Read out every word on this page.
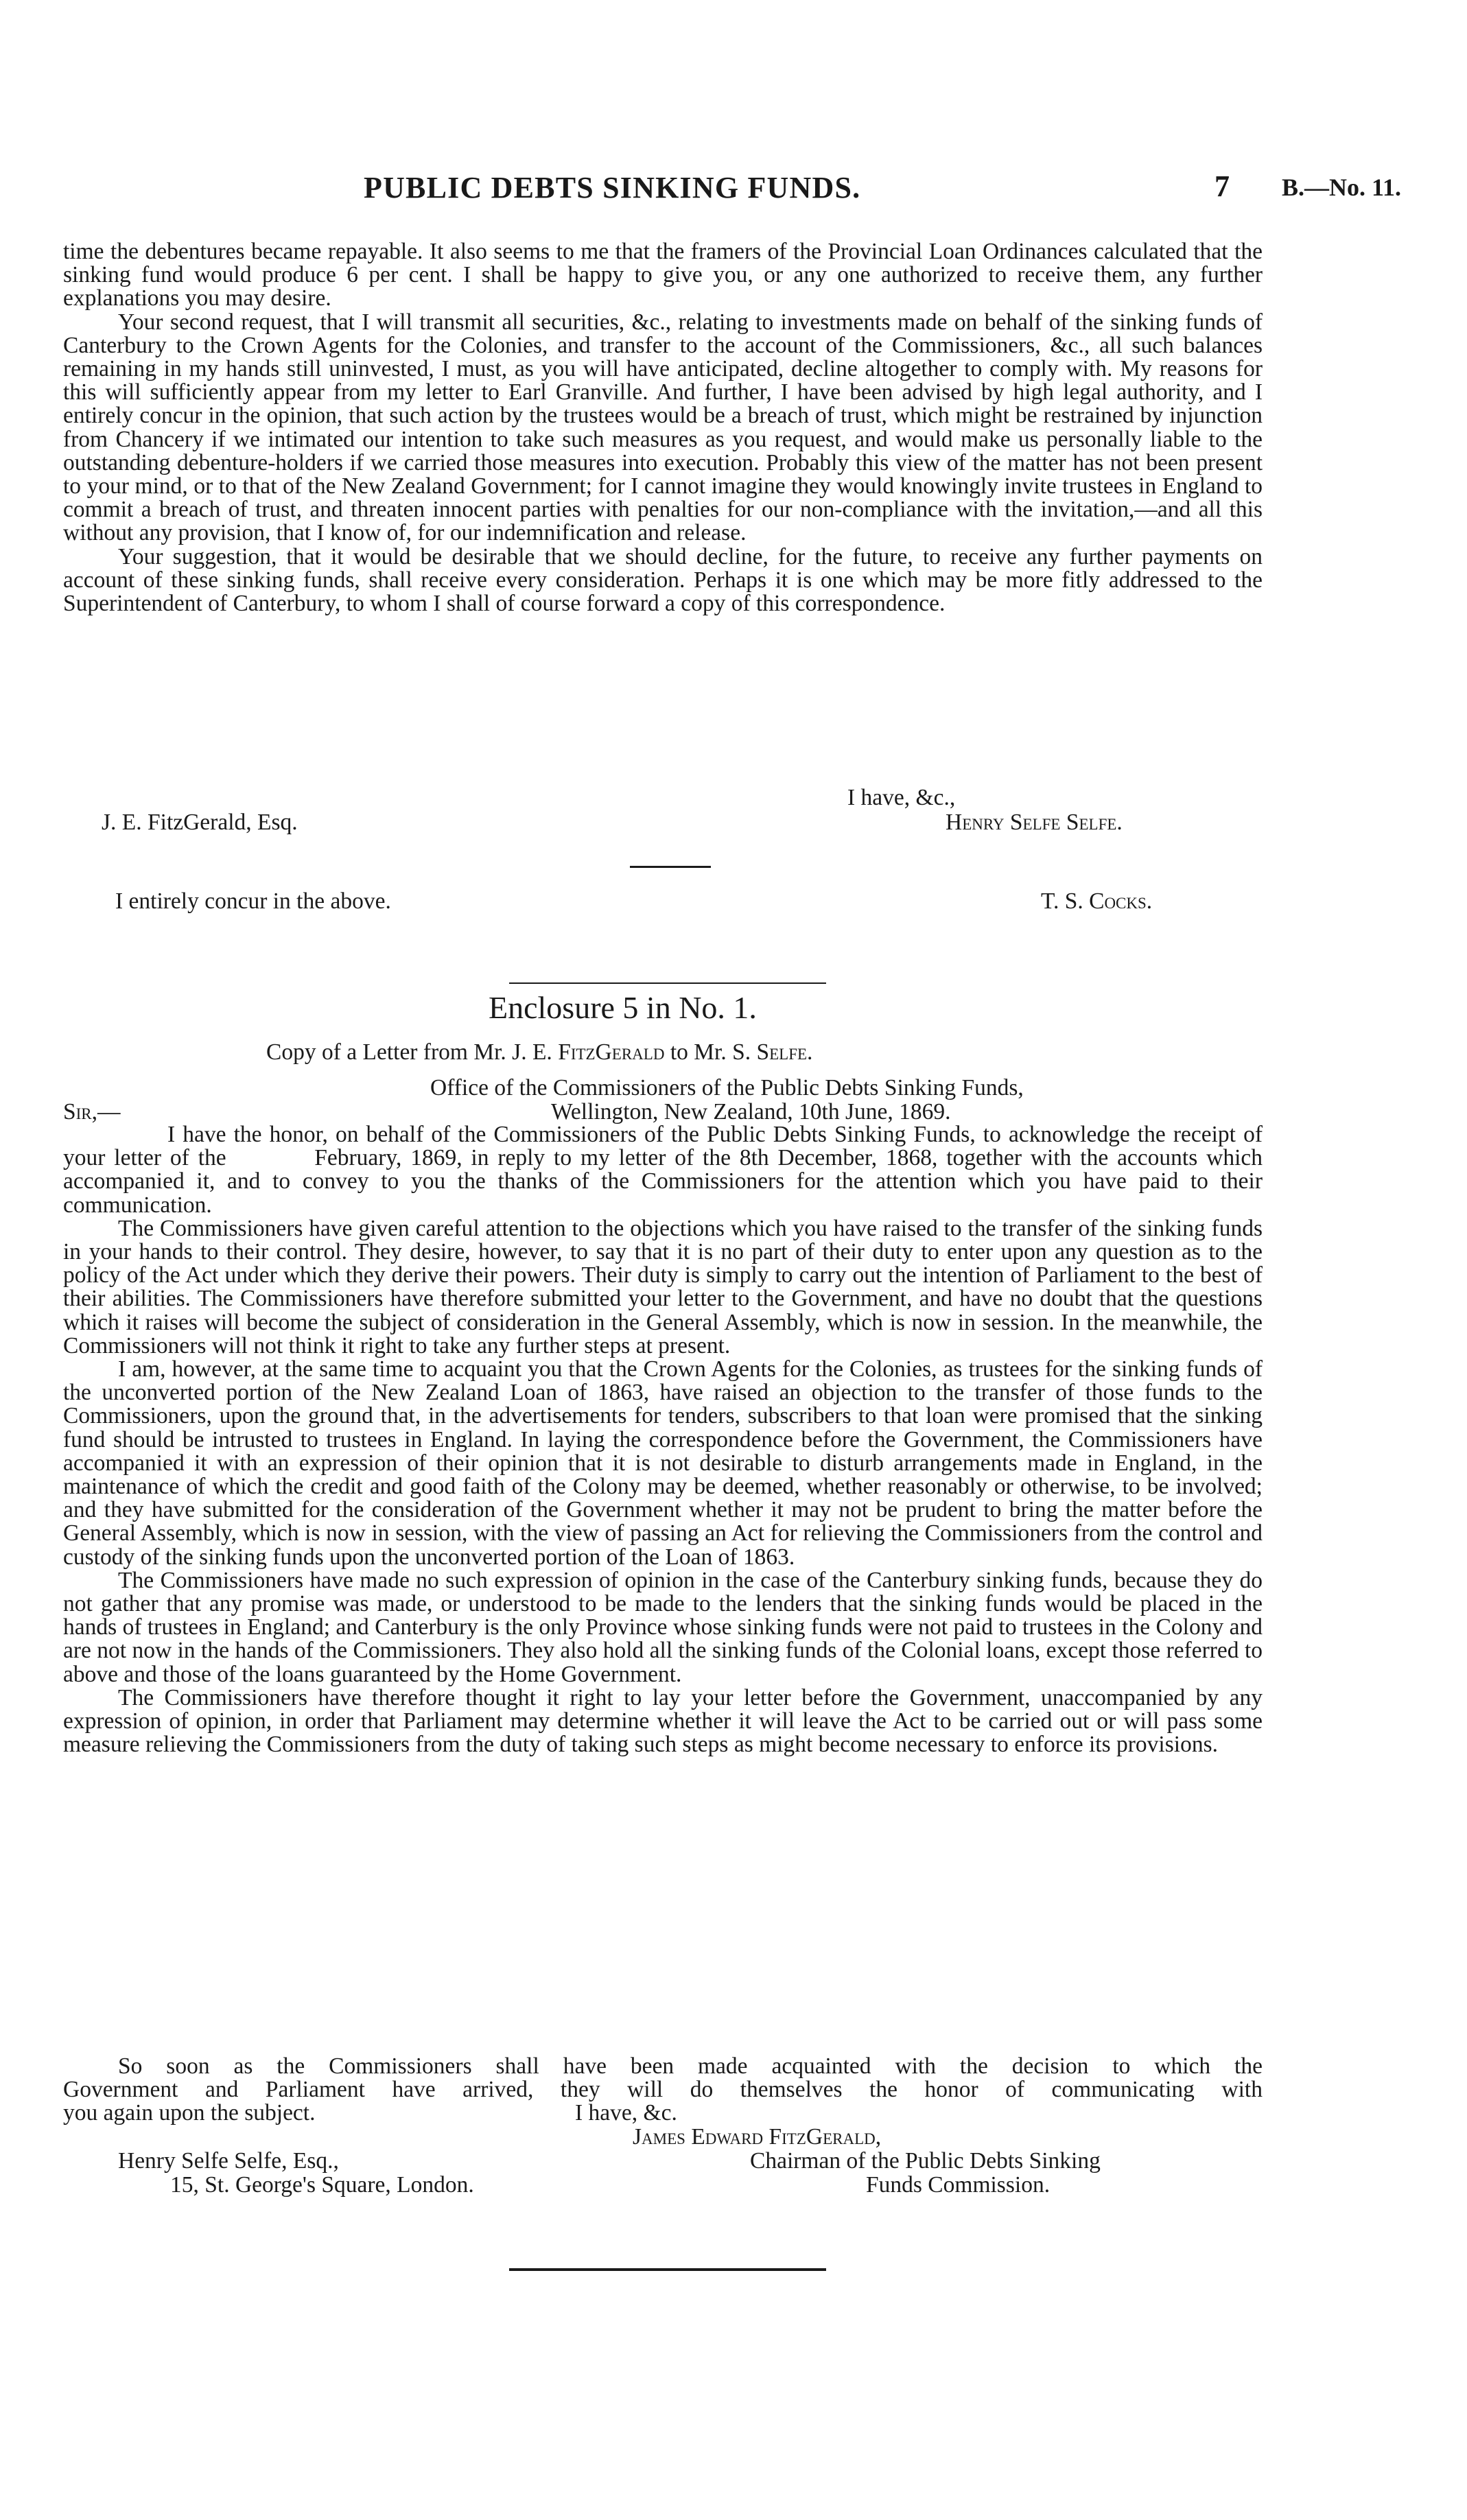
PUBLIC DEBTS SINKING FUNDS.	7 B.—No. 11.

time the debentures became repayable. It also seems to me that the framers of the Provincial Loan Ordinances calculated that the sinking fund would produce 6 per cent. I shall be happy to give you, or any one authorized to receive them, any further explanations you may desire.

Your second request, that I will transmit all securities, &c., relating to investments made on behalf of the sinking funds of Canterbury to the Crown Agents for the Colonies, and transfer to the account of the Commissioners, &c., all such balances remaining in my hands still uninvested, I must, as you will have anticipated, decline altogether to comply with. My reasons for this will sufficiently appear from my letter to Earl Granville. And further, I have been advised by high legal authority, and I entirely concur in the opinion, that such action by the trustees would be a breach of trust, which might be restrained by injunction from Chancery if we intimated our intention to take such measures as you request, and would make us personally liable to the outstanding debenture-holders if we carried those measures into execution. Probably this view of the matter has not been present to your mind, or to that of the New Zealand Government; for I cannot imagine they would knowingly invite trustees in England to commit a breach of trust, and threaten innocent parties with penalties for our non-compliance with the invitation,—and all this without any provision, that I know of, for our indemnification and release.

Your suggestion, that it would be desirable that we should decline, for the future, to receive any further payments on account of these sinking funds, shall receive every consideration. Perhaps it is one which may be more fitly addressed to the Superintendent of Canterbury, to whom I shall of course forward a copy of this correspondence.

I have, &c.,
J. E. FitzGerald, Esq.	Henry Selfe Selfe.
I entirely concur in the above.	T. S. Cocks.
Enclosure 5 in No. 1.
Copy of a Letter from Mr. J. E. FitzGerald to Mr. S. Selfe.
Office of the Commissioners of the Public Debts Sinking Funds,
Sir,—	Wellington, New Zealand, 10th June, 1869.

I have the honor, on behalf of the Commissioners of the Public Debts Sinking Funds, to acknowledge the receipt of your letter of the          February, 1869, in reply to my letter of the 8th December, 1868, together with the accounts which accompanied it, and to convey to you the thanks of the Commissioners for the attention which you have paid to their communication.

The Commissioners have given careful attention to the objections which you have raised to the transfer of the sinking funds in your hands to their control. They desire, however, to say that it is no part of their duty to enter upon any question as to the policy of the Act under which they derive their powers. Their duty is simply to carry out the intention of Parliament to the best of their abilities. The Commissioners have therefore submitted your letter to the Government, and have no doubt that the questions which it raises will become the subject of consideration in the General Assembly, which is now in session. In the meanwhile, the Commissioners will not think it right to take any further steps at present.

I am, however, at the same time to acquaint you that the Crown Agents for the Colonies, as trustees for the sinking funds of the unconverted portion of the New Zealand Loan of 1863, have raised an objection to the transfer of those funds to the Commissioners, upon the ground that, in the advertisements for tenders, subscribers to that loan were promised that the sinking fund should be intrusted to trustees in England. In laying the correspondence before the Government, the Commissioners have accompanied it with an expression of their opinion that it is not desirable to disturb arrangements made in England, in the maintenance of which the credit and good faith of the Colony may be deemed, whether reasonably or otherwise, to be involved; and they have submitted for the consideration of the Government whether it may not be prudent to bring the matter before the General Assembly, which is now in session, with the view of passing an Act for relieving the Commissioners from the control and custody of the sinking funds upon the unconverted portion of the Loan of 1863.

The Commissioners have made no such expression of opinion in the case of the Canterbury sinking funds, because they do not gather that any promise was made, or understood to be made to the lenders that the sinking funds would be placed in the hands of trustees in England; and Canterbury is the only Province whose sinking funds were not paid to trustees in the Colony and are not now in the hands of the Commissioners. They also hold all the sinking funds of the Colonial loans, except those referred to above and those of the loans guaranteed by the Home Government.

The Commissioners have therefore thought it right to lay your letter before the Government, unaccompanied by any expression of opinion, in order that Parliament may determine whether it will leave the Act to be carried out or will pass some measure relieving the Commissioners from the duty of taking such steps as might become necessary to enforce its provisions.

So soon as the Commissioners shall have been made acquainted with the decision to which the
Government and Parliament have arrived, they will do themselves the honor of communicating with
you again upon the subject.	I have, &c.
James Edward FitzGerald,
Henry Selfe Selfe, Esq.,	Chairman of the Public Debts Sinking
15, St. George's Square, London.	Funds Commission.
